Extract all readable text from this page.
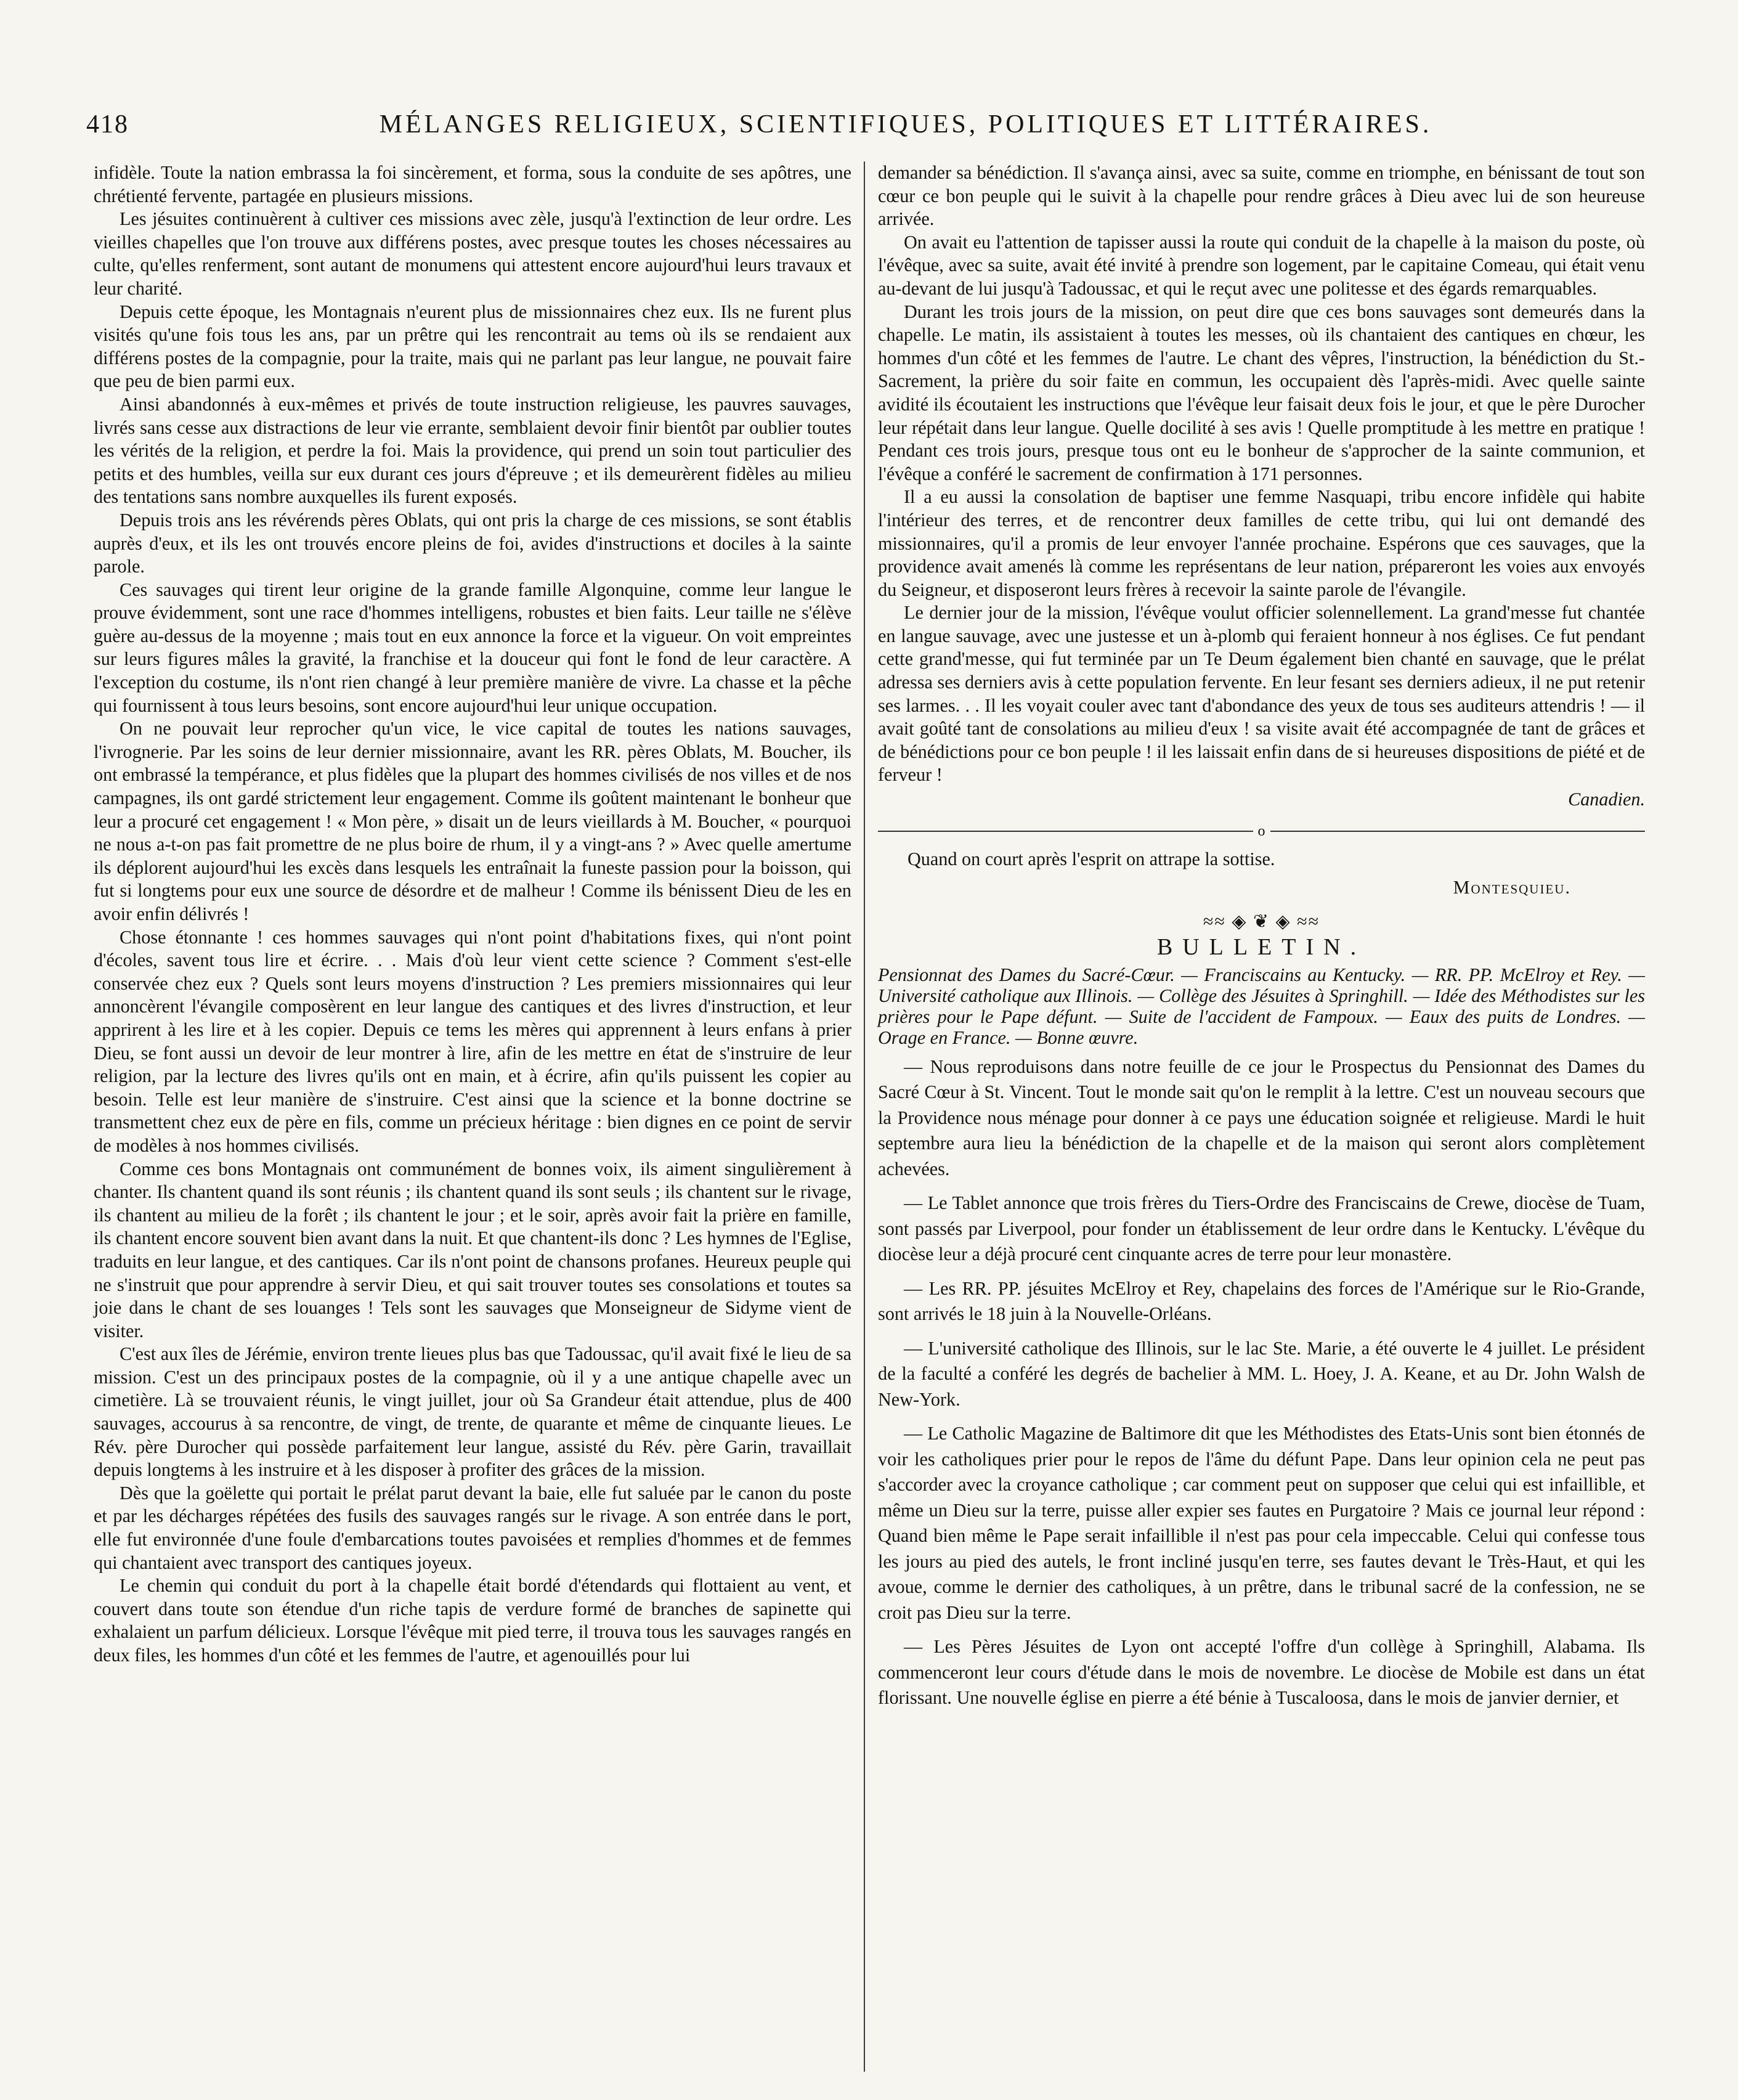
418	MÉLANGES RELIGIEUX, SCIENTIFIQUES, POLITIQUES ET LITTÉRAIRES.

infidèle. Toute la nation embrassa la foi sincèrement, et forma, sous la conduite de ses apôtres, une chrétienté fervente, partagée en plusieurs missions.

Les jésuites continuèrent à cultiver ces missions avec zèle, jusqu'à l'extinction de leur ordre. Les vieilles chapelles que l'on trouve aux différens postes, avec presque toutes les choses nécessaires au culte, qu'elles renferment, sont autant de monumens qui attestent encore aujourd'hui leurs travaux et leur charité.

Depuis cette époque, les Montagnais n'eurent plus de missionnaires chez eux. Ils ne furent plus visités qu'une fois tous les ans, par un prêtre qui les rencontrait au tems où ils se rendaient aux différens postes de la compagnie, pour la traite, mais qui ne parlant pas leur langue, ne pouvait faire que peu de bien parmi eux.

Ainsi abandonnés à eux-mêmes et privés de toute instruction religieuse, les pauvres sauvages, livrés sans cesse aux distractions de leur vie errante, semblaient devoir finir bientôt par oublier toutes les vérités de la religion, et perdre la foi. Mais la providence, qui prend un soin tout particulier des petits et des humbles, veilla sur eux durant ces jours d'épreuve ; et ils demeurèrent fidèles au milieu des tentations sans nombre auxquelles ils furent exposés.

Depuis trois ans les révérends pères Oblats, qui ont pris la charge de ces missions, se sont établis auprès d'eux, et ils les ont trouvés encore pleins de foi, avides d'instructions et dociles à la sainte parole.

Ces sauvages qui tirent leur origine de la grande famille Algonquine, comme leur langue le prouve évidemment, sont une race d'hommes intelligens, robustes et bien faits. Leur taille ne s'élève guère au-dessus de la moyenne ; mais tout en eux annonce la force et la vigueur. On voit empreintes sur leurs figures mâles la gravité, la franchise et la douceur qui font le fond de leur caractère. A l'exception du costume, ils n'ont rien changé à leur première manière de vivre. La chasse et la pêche qui fournissent à tous leurs besoins, sont encore aujourd'hui leur unique occupation.

On ne pouvait leur reprocher qu'un vice, le vice capital de toutes les nations sauvages, l'ivrognerie. Par les soins de leur dernier missionnaire, avant les RR. pères Oblats, M. Boucher, ils ont embrassé la tempérance, et plus fidèles que la plupart des hommes civilisés de nos villes et de nos campagnes, ils ont gardé strictement leur engagement. Comme ils goûtent maintenant le bonheur que leur a procuré cet engagement ! « Mon père, » disait un de leurs vieillards à M. Boucher, « pourquoi ne nous a-t-on pas fait promettre de ne plus boire de rhum, il y a vingt-ans ? » Avec quelle amertume ils déplorent aujourd'hui les excès dans lesquels les entraînait la funeste passion pour la boisson, qui fut si longtems pour eux une source de désordre et de malheur ! Comme ils bénissent Dieu de les en avoir enfin délivrés !

Chose étonnante ! ces hommes sauvages qui n'ont point d'habitations fixes, qui n'ont point d'écoles, savent tous lire et écrire. . . Mais d'où leur vient cette science ? Comment s'est-elle conservée chez eux ? Quels sont leurs moyens d'instruction ? Les premiers missionnaires qui leur annoncèrent l'évangile composèrent en leur langue des cantiques et des livres d'instruction, et leur apprirent à les lire et à les copier. Depuis ce tems les mères qui apprennent à leurs enfans à prier Dieu, se font aussi un devoir de leur montrer à lire, afin de les mettre en état de s'instruire de leur religion, par la lecture des livres qu'ils ont en main, et à écrire, afin qu'ils puissent les copier au besoin. Telle est leur manière de s'instruire. C'est ainsi que la science et la bonne doctrine se transmettent chez eux de père en fils, comme un précieux héritage : bien dignes en ce point de servir de modèles à nos hommes civilisés.

Comme ces bons Montagnais ont communément de bonnes voix, ils aiment singulièrement à chanter. Ils chantent quand ils sont réunis ; ils chantent quand ils sont seuls ; ils chantent sur le rivage, ils chantent au milieu de la forêt ; ils chantent le jour ; et le soir, après avoir fait la prière en famille, ils chantent encore souvent bien avant dans la nuit. Et que chantent-ils donc ? Les hymnes de l'Eglise, traduits en leur langue, et des cantiques. Car ils n'ont point de chansons profanes. Heureux peuple qui ne s'instruit que pour apprendre à servir Dieu, et qui sait trouver toutes ses consolations et toutes sa joie dans le chant de ses louanges ! Tels sont les sauvages que Monseigneur de Sidyme vient de visiter.

C'est aux îles de Jérémie, environ trente lieues plus bas que Tadoussac, qu'il avait fixé le lieu de sa mission. C'est un des principaux postes de la compagnie, où il y a une antique chapelle avec un cimetière. Là se trouvaient réunis, le vingt juillet, jour où Sa Grandeur était attendue, plus de 400 sauvages, accourus à sa rencontre, de vingt, de trente, de quarante et même de cinquante lieues. Le Rév. père Durocher qui possède parfaitement leur langue, assisté du Rév. père Garin, travaillait depuis longtems à les instruire et à les disposer à profiter des grâces de la mission.

Dès que la goëlette qui portait le prélat parut devant la baie, elle fut saluée par le canon du poste et par les décharges répétées des fusils des sauvages rangés sur le rivage. A son entrée dans le port, elle fut environnée d'une foule d'embarcations toutes pavoisées et remplies d'hommes et de femmes qui chantaient avec transport des cantiques joyeux.

Le chemin qui conduit du port à la chapelle était bordé d'étendards qui flottaient au vent, et couvert dans toute son étendue d'un riche tapis de verdure formé de branches de sapinette qui exhalaient un parfum délicieux. Lorsque l'évêque mit pied terre, il trouva tous les sauvages rangés en deux files, les hommes d'un côté et les femmes de l'autre, et agenouillés pour lui

demander sa bénédiction. Il s'avança ainsi, avec sa suite, comme en triomphe, en bénissant de tout son cœur ce bon peuple qui le suivit à la chapelle pour rendre grâces à Dieu avec lui de son heureuse arrivée.

On avait eu l'attention de tapisser aussi la route qui conduit de la chapelle à la maison du poste, où l'évêque, avec sa suite, avait été invité à prendre son logement, par le capitaine Comeau, qui était venu au-devant de lui jusqu'à Tadoussac, et qui le reçut avec une politesse et des égards remarquables.

Durant les trois jours de la mission, on peut dire que ces bons sauvages sont demeurés dans la chapelle. Le matin, ils assistaient à toutes les messes, où ils chantaient des cantiques en chœur, les hommes d'un côté et les femmes de l'autre. Le chant des vêpres, l'instruction, la bénédiction du St.-Sacrement, la prière du soir faite en commun, les occupaient dès l'après-midi. Avec quelle sainte avidité ils écoutaient les instructions que l'évêque leur faisait deux fois le jour, et que le père Durocher leur répétait dans leur langue. Quelle docilité à ses avis ! Quelle promptitude à les mettre en pratique ! Pendant ces trois jours, presque tous ont eu le bonheur de s'approcher de la sainte communion, et l'évêque a conféré le sacrement de confirmation à 171 personnes.

Il a eu aussi la consolation de baptiser une femme Nasquapi, tribu encore infidèle qui habite l'intérieur des terres, et de rencontrer deux familles de cette tribu, qui lui ont demandé des missionnaires, qu'il a promis de leur envoyer l'année prochaine. Espérons que ces sauvages, que la providence avait amenés là comme les représentans de leur nation, prépareront les voies aux envoyés du Seigneur, et disposeront leurs frères à recevoir la sainte parole de l'évangile.

Le dernier jour de la mission, l'évêque voulut officier solennellement. La grand'messe fut chantée en langue sauvage, avec une justesse et un à-plomb qui feraient honneur à nos églises. Ce fut pendant cette grand'messe, qui fut terminée par un Te Deum également bien chanté en sauvage, que le prélat adressa ses derniers avis à cette population fervente. En leur fesant ses derniers adieux, il ne put retenir ses larmes. . . Il les voyait couler avec tant d'abondance des yeux de tous ses auditeurs attendris ! — il avait goûté tant de consolations au milieu d'eux ! sa visite avait été accompagnée de tant de grâces et de bénédictions pour ce bon peuple ! il les laissait enfin dans de si heureuses dispositions de piété et de ferveur !

Canadien.
o

Quand on court après l'esprit on attrape la sottise.

Montesquieu.

≈≈ ◈ ❦ ◈ ≈≈

BULLETIN.

Pensionnat des Dames du Sacré-Cœur. — Franciscains au Kentucky. — RR. PP. McElroy et Rey. — Université catholique aux Illinois. — Collège des Jésuites à Springhill. — Idée des Méthodistes sur les prières pour le Pape défunt. — Suite de l'accident de Fampoux. — Eaux des puits de Londres. — Orage en France. — Bonne œuvre.

— Nous reproduisons dans notre feuille de ce jour le Prospectus du Pensionnat des Dames du Sacré Cœur à St. Vincent. Tout le monde sait qu'on le remplit à la lettre. C'est un nouveau secours que la Providence nous ménage pour donner à ce pays une éducation soignée et religieuse. Mardi le huit septembre aura lieu la bénédiction de la chapelle et de la maison qui seront alors complètement achevées.

— Le Tablet annonce que trois frères du Tiers-Ordre des Franciscains de Crewe, diocèse de Tuam, sont passés par Liverpool, pour fonder un établissement de leur ordre dans le Kentucky. L'évêque du diocèse leur a déjà procuré cent cinquante acres de terre pour leur monastère.

— Les RR. PP. jésuites McElroy et Rey, chapelains des forces de l'Amérique sur le Rio-Grande, sont arrivés le 18 juin à la Nouvelle-Orléans.

— L'université catholique des Illinois, sur le lac Ste. Marie, a été ouverte le 4 juillet. Le président de la faculté a conféré les degrés de bachelier à MM. L. Hoey, J. A. Keane, et au Dr. John Walsh de New-York.

— Le Catholic Magazine de Baltimore dit que les Méthodistes des Etats-Unis sont bien étonnés de voir les catholiques prier pour le repos de l'âme du défunt Pape. Dans leur opinion cela ne peut pas s'accorder avec la croyance catholique ; car comment peut on supposer que celui qui est infaillible, et même un Dieu sur la terre, puisse aller expier ses fautes en Purgatoire ? Mais ce journal leur répond : Quand bien même le Pape serait infaillible il n'est pas pour cela impeccable. Celui qui confesse tous les jours au pied des autels, le front incliné jusqu'en terre, ses fautes devant le Très-Haut, et qui les avoue, comme le dernier des catholiques, à un prêtre, dans le tribunal sacré de la confession, ne se croit pas Dieu sur la terre.

— Les Pères Jésuites de Lyon ont accepté l'offre d'un collège à Springhill, Alabama. Ils commenceront leur cours d'étude dans le mois de novembre. Le diocèse de Mobile est dans un état florissant. Une nouvelle église en pierre a été bénie à Tuscaloosa, dans le mois de janvier dernier, et
